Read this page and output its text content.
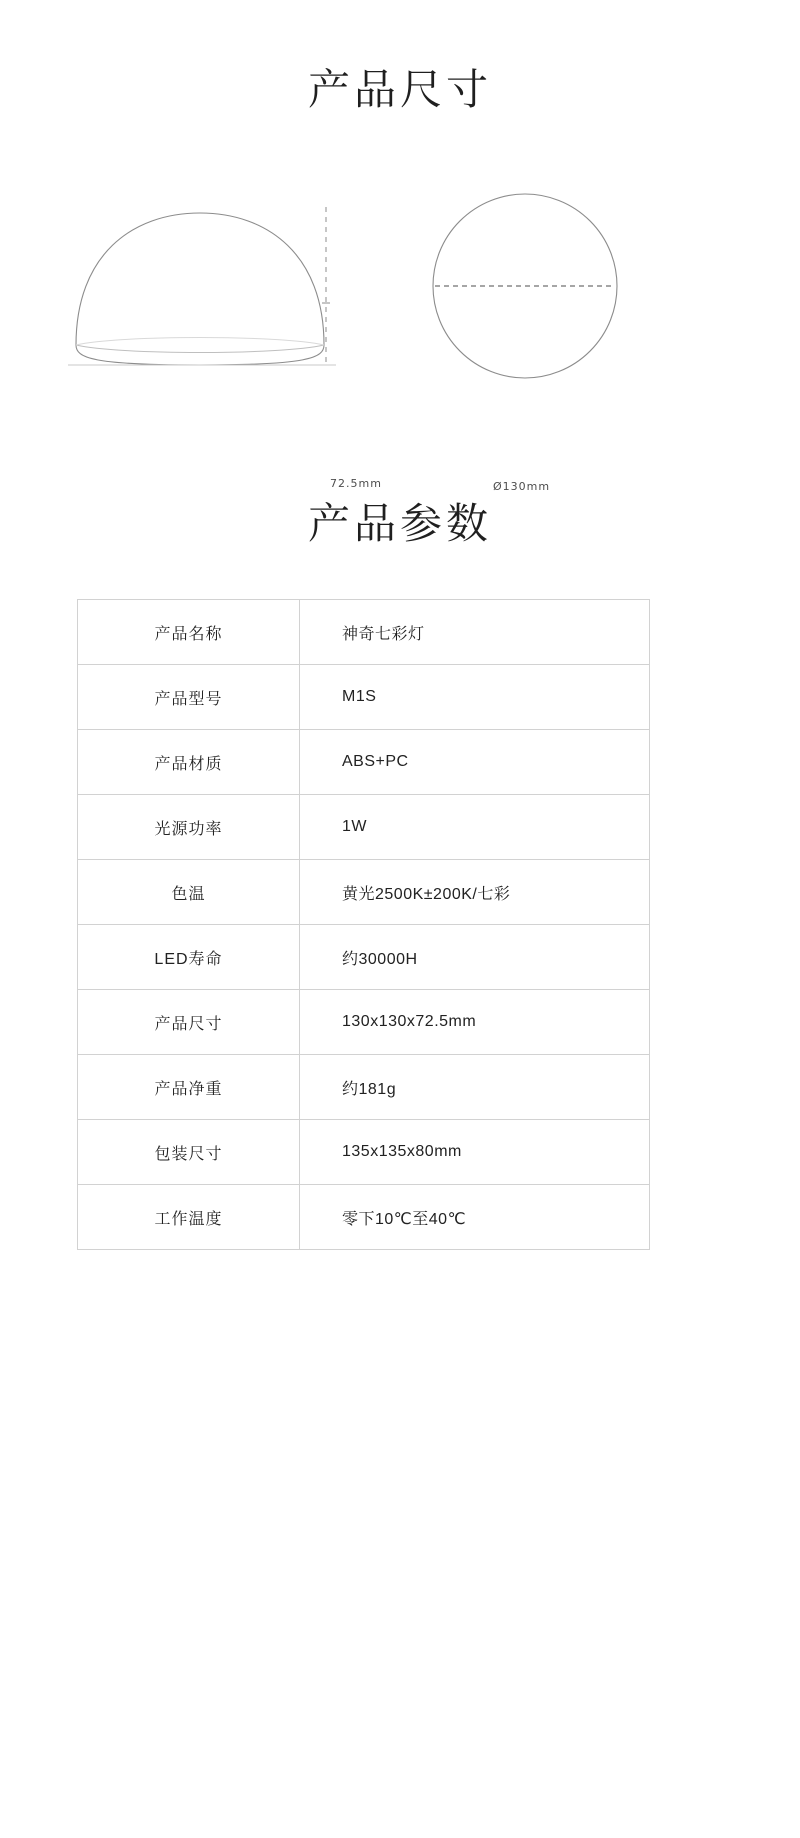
产品尺寸
72.5mm	Ø130mm
产品参数
产品名称	神奇七彩灯
产品型号	M1S
产品材质	ABS+PC
光源功率	1W
色温	黄光2500K±200K/七彩
LED寿命	约30000H
产品尺寸	130x130x72.5mm
产品净重	约181g
包装尺寸	135x135x80mm
工作温度	零下10℃至40℃
